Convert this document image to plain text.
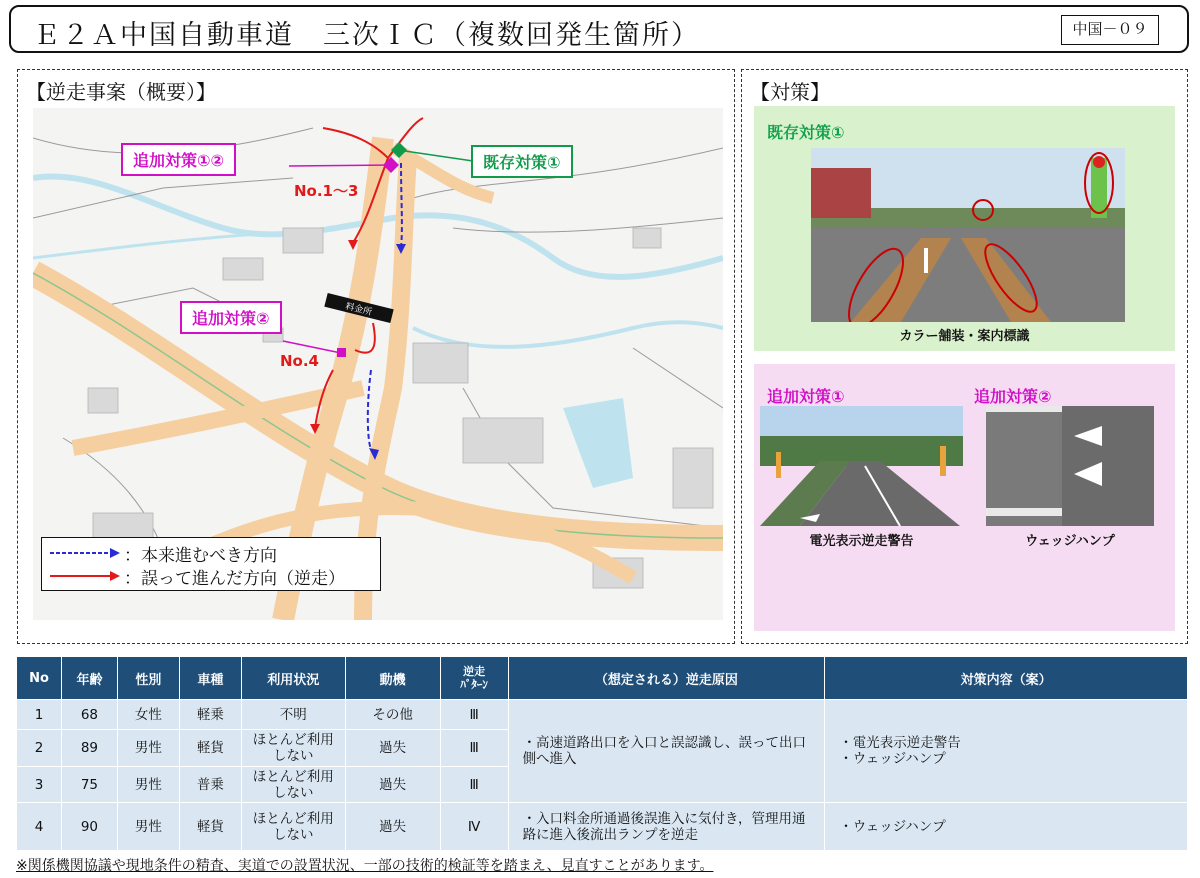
Ｅ２Ａ中国自動車道　三次ＩＣ（複数回発生箇所）	中国－０９
【逆走事案（概要）】
料金所
追加対策①②	既存対策①
追加対策②
No.1～3
No.4
：本来進むべき方向
：誤って進んだ方向（逆走）
【対策】
既存対策①
カラー舗装・案内標識
追加対策①	追加対策②
電光表示逆走警告	ウェッジハンプ
No	年齢	性別	車種	利用状況	動機	逆走
ﾊﾟﾀｰﾝ	（想定される）逆走原因	対策内容（案）
1	68	女性	軽乗	不明	その他	Ⅲ	・高速道路出口を入口と誤認識し、誤って出口側へ進入	・電光表示逆走警告
・ウェッジハンプ

2	89	男性	軽貨	ほとんど利用しない	過失	Ⅲ		
3	75	男性	普乗	ほとんど利用しない	過失	Ⅲ		
4	90	男性	軽貨	ほとんど利用しない	過失	Ⅳ	・入口料金所通過後誤進入に気付き，管理用通路に進入後流出ランプを逆走	・ウェッジハンプ
※関係機関協議や現地条件の精査、実道での設置状況、一部の技術的検証等を踏まえ、見直すことがあります。
